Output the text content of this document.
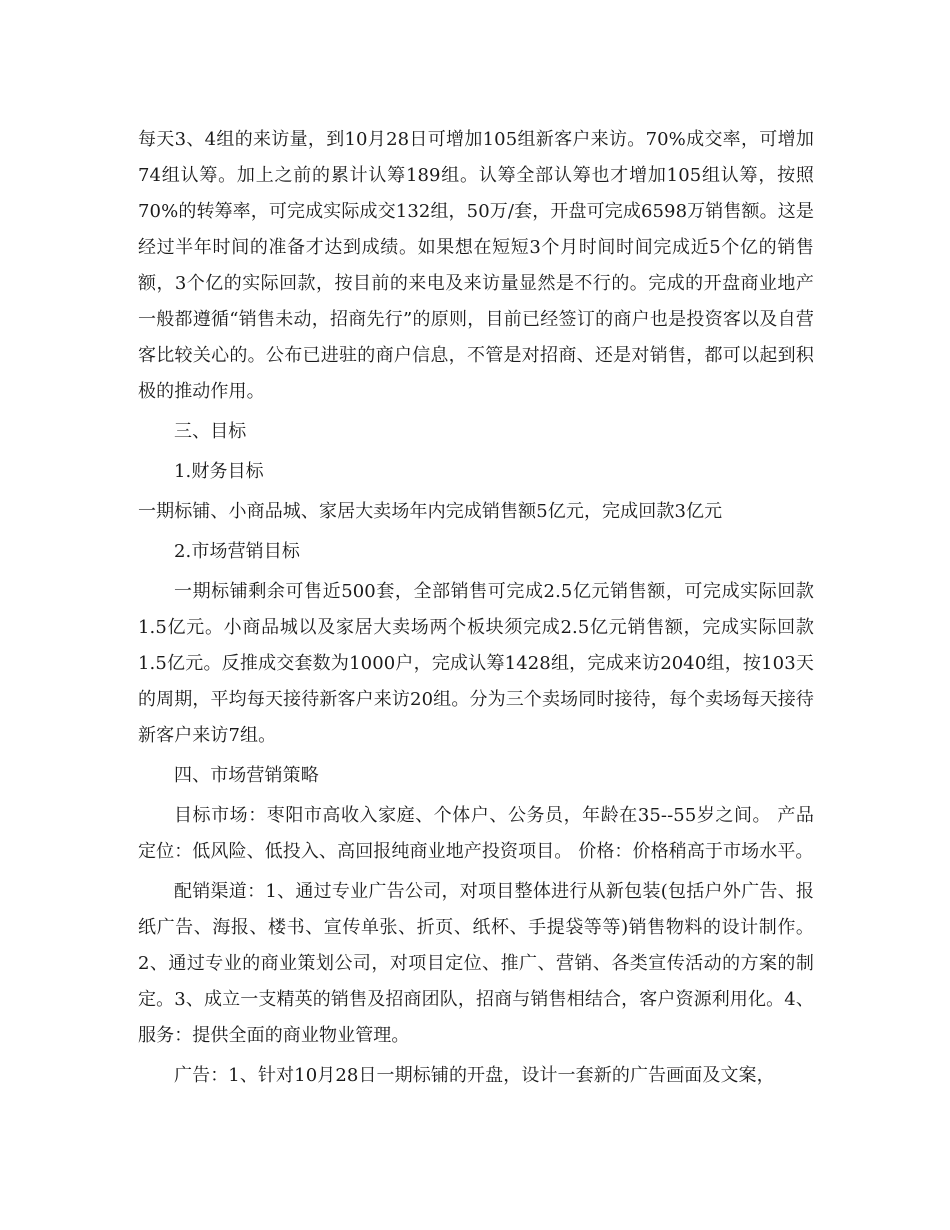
每天3、4组的来访量，到10月28日可增加105组新客户来访。70%成交率，可增加74组认筹。加上之前的累计认筹189组。认筹全部认筹也才增加105组认筹，按照70%的转筹率，可完成实际成交132组，50万/套，开盘可完成6598万销售额。这是经过半年时间的准备才达到成绩。如果想在短短3个月时间时间完成近5个亿的销售额，3个亿的实际回款，按目前的来电及来访量显然是不行的。完成的开盘商业地产一般都遵循“销售未动，招商先行”的原则，目前已经签订的商户也是投资客以及自营客比较关心的。公布已进驻的商户信息，不管是对招商、还是对销售，都可以起到积极的推动作用。

三、目标

1.财务目标

一期标铺、小商品城、家居大卖场年内完成销售额5亿元，完成回款3亿元

2.市场营销目标

一期标铺剩余可售近500套，全部销售可完成2.5亿元销售额，可完成实际回款1.5亿元。小商品城以及家居大卖场两个板块须完成2.5亿元销售额，完成实际回款1.5亿元。反推成交套数为1000户，完成认筹1428组，完成来访2040组，按103天的周期，平均每天接待新客户来访20组。分为三个卖场同时接待，每个卖场每天接待新客户来访7组。

四、市场营销策略

目标市场：枣阳市高收入家庭、个体户、公务员，年龄在35--55岁之间。 产品定位：低风险、低投入、高回报纯商业地产投资项目。 价格：价格稍高于市场水平。

配销渠道：1、通过专业广告公司，对项目整体进行从新包装(包括户外广告、报纸广告、海报、楼书、宣传单张、折页、纸杯、手提袋等等)销售物料的设计制作。2、通过专业的商业策划公司，对项目定位、推广、营销、各类宣传活动的方案的制定。3、成立一支精英的销售及招商团队，招商与销售相结合，客户资源利用化。4、服务：提供全面的商业物业管理。

广告：1、针对10月28日一期标铺的开盘，设计一套新的广告画面及文案，
